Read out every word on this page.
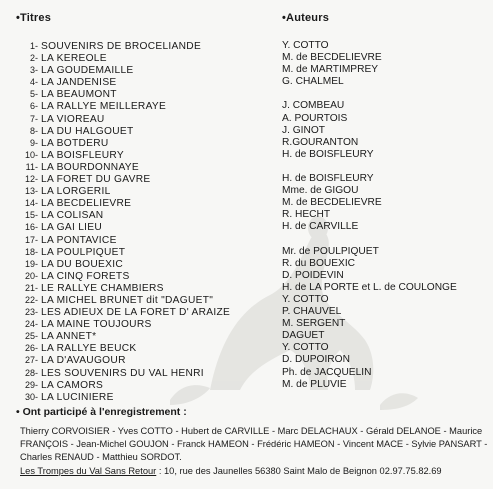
•Titres	•Auteurs
1- SOUVENIRS DE BROCELIANDE
2- LA KEREOLE
3- LA GOUDEMAILLE
4- LA JANDENISE
5- LA BEAUMONT
6- LA RALLYE MEILLERAYE
7- LA VIOREAU
8- LA DU HALGOUET
9- LA BOTDERU
10- LA BOISFLEURY
11- LA BOURDONNAYE
12- LA FORET DU GAVRE
13- LA LORGERIL
14- LA BECDELIEVRE
15- LA COLISAN
16- LA GAI LIEU
17- LA PONTAVICE
18- LA POULPIQUET
19- LA DU BOUEXIC
20- LA CINQ FORETS
21- LE RALLYE CHAMBIERS
22- LA MICHEL BRUNET dit "DAGUET"
23- LES ADIEUX DE LA FORET D' ARAIZE
24- LA MAINE TOUJOURS
25- LA ANNET*
26- LA RALLYE BEUCK
27- LA D'AVAUGOUR
28- LES SOUVENIRS DU VAL HENRI
29- LA CAMORS
30- LA LUCINIERE
Y. COTTO
M. de BECDELIEVRE
M. de MARTIMPREY
G. CHALMEL
J. COMBEAU
A. POURTOIS
J. GINOT
R.GOURANTON
H. de BOISFLEURY
H. de BOISFLEURY
Mme. de GIGOU
M. de BECDELIEVRE
R. HECHT
H. de CARVILLE
Mr. de POULPIQUET
R. du BOUEXIC
D. POIDEVIN
H. de LA PORTE et L. de COULONGE
Y. COTTO
P. CHAUVEL
M. SERGENT
DAGUET
Y. COTTO
D. DUPOIRON
Ph. de JACQUELIN
M. de PLUVIE
• Ont participé à l'enregistrement :
Thierry CORVOISIER - Yves COTTO - Hubert de CARVILLE - Marc DELACHAUX - Gérald DELANOE - Maurice FRANÇOIS - Jean-Michel GOUJON - Franck HAMEON - Frédéric HAMEON - Vincent MACE - Sylvie PANSART - Charles RENAUD - Matthieu SORDOT.
Les Trompes du Val Sans Retour : 10, rue des Jaunelles 56380 Saint Malo de Beignon 02.97.75.82.69
